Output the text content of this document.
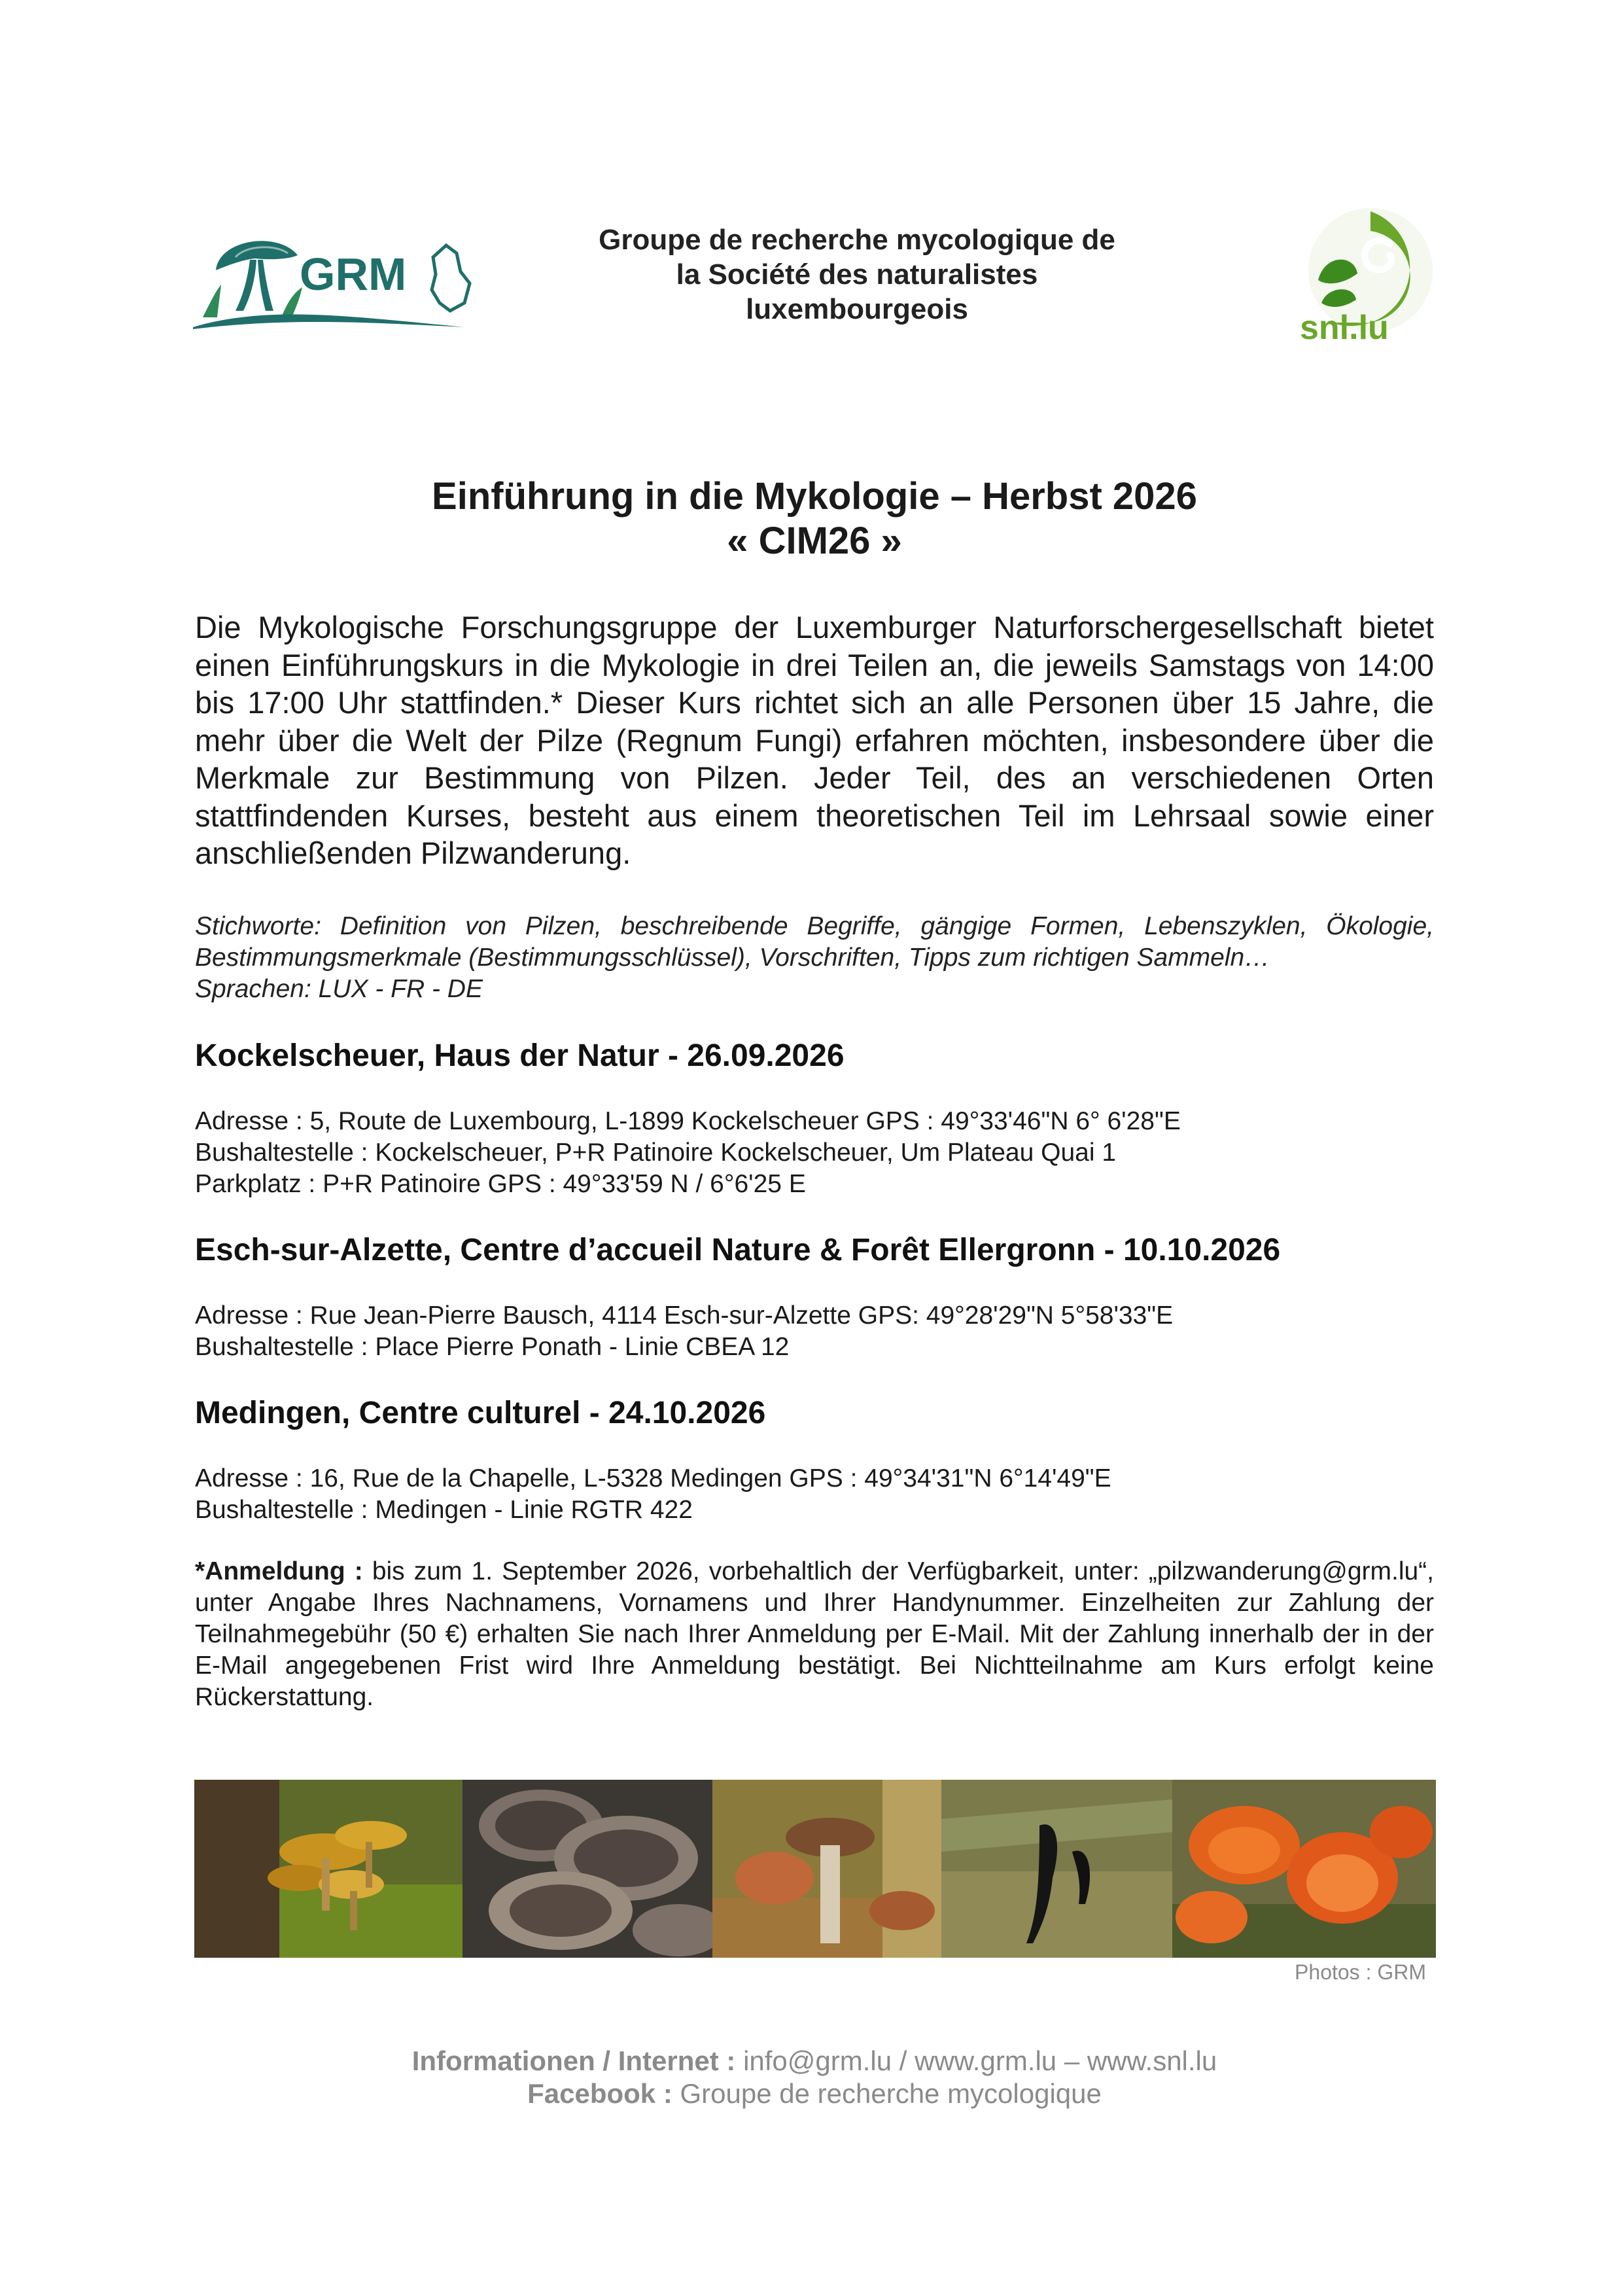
GRM
Groupe de recherche mycologique de
la Société des naturalistes
luxembourgeois	snl.lu
Einführung in die Mykologie – Herbst 2026
« CIM26 »
Die Mykologische Forschungsgruppe der Luxemburger Naturforschergesellschaft bietet einen Einführungskurs in die Mykologie in drei Teilen an, die jeweils Samstags von 14:00 bis 17:00 Uhr stattfinden.* Dieser Kurs richtet sich an alle Personen über 15 Jahre, die mehr über die Welt der Pilze (Regnum Fungi) erfahren möchten, insbesondere über die Merkmale zur Bestimmung von Pilzen. Jeder Teil, des an verschiedenen Orten stattfindenden Kurses, besteht aus einem theoretischen Teil im Lehrsaal sowie einer anschließenden Pilzwanderung.
Stichworte: Definition von Pilzen, beschreibende Begriffe, gängige Formen, Lebenszyklen, Ökologie, Bestimmungsmerkmale (Bestimmungsschlüssel), Vorschriften, Tipps zum richtigen Sammeln…
Sprachen: LUX - FR - DE
Kockelscheuer, Haus der Natur - 26.09.2026
Adresse : 5, Route de Luxembourg, L-1899 Kockelscheuer GPS : 49°33'46"N 6° 6'28"E
Bushaltestelle : Kockelscheuer, P+R Patinoire Kockelscheuer, Um Plateau Quai 1
Parkplatz : P+R Patinoire GPS : 49°33'59 N / 6°6'25 E
Esch-sur-Alzette, Centre d’accueil Nature & Forêt Ellergronn - 10.10.2026
Adresse : Rue Jean-Pierre Bausch, 4114 Esch-sur-Alzette GPS: 49°28'29"N 5°58'33"E
Bushaltestelle : Place Pierre Ponath - Linie CBEA 12
Medingen, Centre culturel - 24.10.2026
Adresse : 16, Rue de la Chapelle, L-5328 Medingen GPS : 49°34'31"N 6°14'49"E
Bushaltestelle : Medingen - Linie RGTR 422
*Anmeldung : bis zum 1. September 2026, vorbehaltlich der Verfügbarkeit, unter: „pilzwanderung@grm.lu“, unter Angabe Ihres Nachnamens, Vornamens und Ihrer Handynummer. Einzelheiten zur Zahlung der Teilnahmegebühr (50 €) erhalten Sie nach Ihrer Anmeldung per E-Mail. Mit der Zahlung innerhalb der in der E-Mail angegebenen Frist wird Ihre Anmeldung bestätigt. Bei Nichtteilnahme am Kurs erfolgt keine Rückerstattung.
Photos : GRM
Informationen / Internet : info@grm.lu / www.grm.lu – www.snl.lu
Facebook : Groupe de recherche mycologique
